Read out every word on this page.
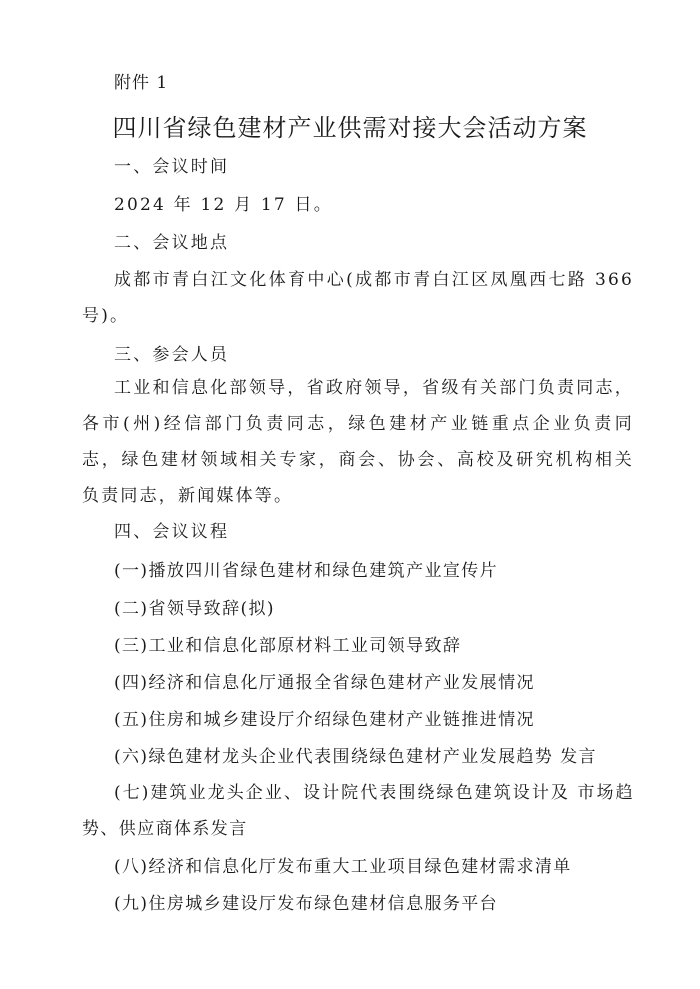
附件 1
四川省绿色建材产业供需对接大会活动方案
一、会议时间
2024 年 12 月 17 日。
二、会议地点
成都市青白江文化体育中心(成都市青白江区凤凰西七路 366 号)。
三、参会人员
工业和信息化部领导，省政府领导，省级有关部门负责同志， 各市(州)经信部门负责同志，绿色建材产业链重点企业负责同 志，绿色建材领域相关专家，商会、协会、高校及研究机构相关 负责同志，新闻媒体等。
四、会议议程
(一)播放四川省绿色建材和绿色建筑产业宣传片
(二)省领导致辞(拟)
(三)工业和信息化部原材料工业司领导致辞
(四)经济和信息化厅通报全省绿色建材产业发展情况
(五)住房和城乡建设厅介绍绿色建材产业链推进情况
(六)绿色建材龙头企业代表围绕绿色建材产业发展趋势 发言
(七)建筑业龙头企业、设计院代表围绕绿色建筑设计及 市场趋势、供应商体系发言
(八)经济和信息化厅发布重大工业项目绿色建材需求清单
(九)住房城乡建设厅发布绿色建材信息服务平台
